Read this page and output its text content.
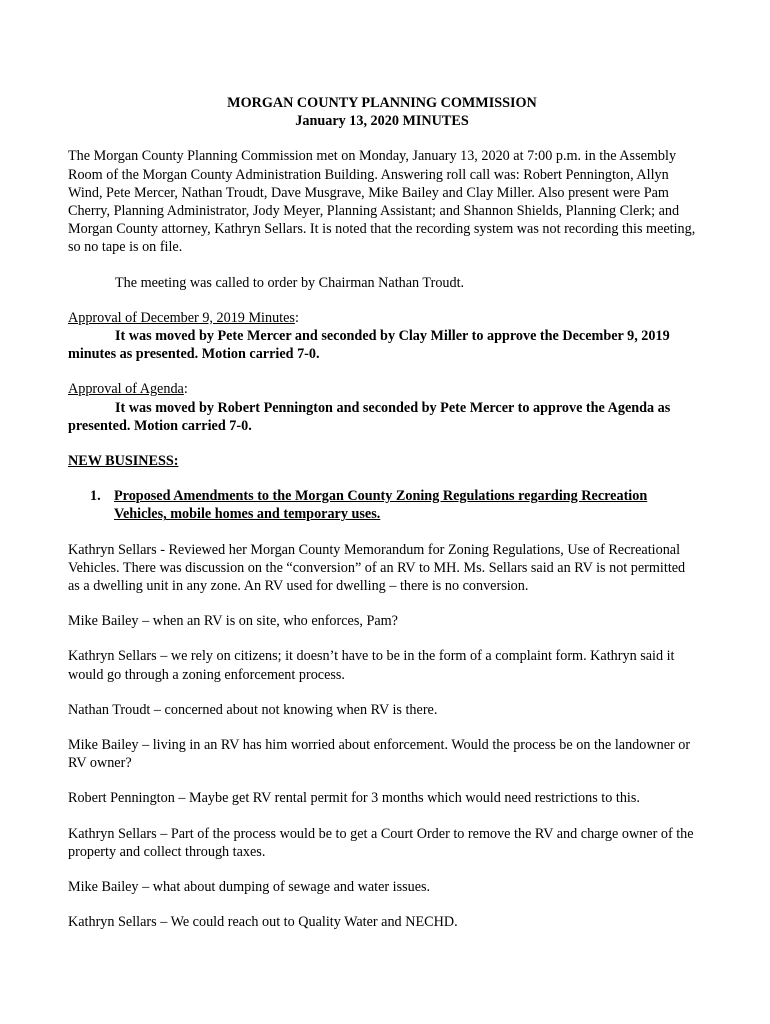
MORGAN COUNTY PLANNING COMMISSION

January 13, 2020 MINUTES

The Morgan County Planning Commission met on Monday, January 13, 2020 at 7:00 p.m. in the Assembly Room of the Morgan County Administration Building. Answering roll call was: Robert Pennington, Allyn Wind, Pete Mercer, Nathan Troudt, Dave Musgrave, Mike Bailey and Clay Miller. Also present were Pam Cherry, Planning Administrator, Jody Meyer, Planning Assistant; and Shannon Shields, Planning Clerk; and Morgan County attorney, Kathryn Sellars. It is noted that the recording system was not recording this meeting, so no tape is on file.

The meeting was called to order by Chairman Nathan Troudt.

Approval of December 9, 2019 Minutes:

It was moved by Pete Mercer and seconded by Clay Miller to approve the December 9, 2019 minutes as presented. Motion carried 7-0.

Approval of Agenda:

It was moved by Robert Pennington and seconded by Pete Mercer to approve the Agenda as presented. Motion carried 7-0.

NEW BUSINESS:

1. Proposed Amendments to the Morgan County Zoning Regulations regarding Recreation Vehicles, mobile homes and temporary uses.

Kathryn Sellars - Reviewed her Morgan County Memorandum for Zoning Regulations, Use of Recreational Vehicles. There was discussion on the “conversion” of an RV to MH. Ms. Sellars said an RV is not permitted as a dwelling unit in any zone. An RV used for dwelling – there is no conversion.

Mike Bailey – when an RV is on site, who enforces, Pam?

Kathryn Sellars – we rely on citizens; it doesn’t have to be in the form of a complaint form. Kathryn said it would go through a zoning enforcement process.

Nathan Troudt – concerned about not knowing when RV is there.

Mike Bailey – living in an RV has him worried about enforcement. Would the process be on the landowner or RV owner?

Robert Pennington – Maybe get RV rental permit for 3 months which would need restrictions to this.

Kathryn Sellars – Part of the process would be to get a Court Order to remove the RV and charge owner of the property and collect through taxes.

Mike Bailey – what about dumping of sewage and water issues.

Kathryn Sellars – We could reach out to Quality Water and NECHD.
